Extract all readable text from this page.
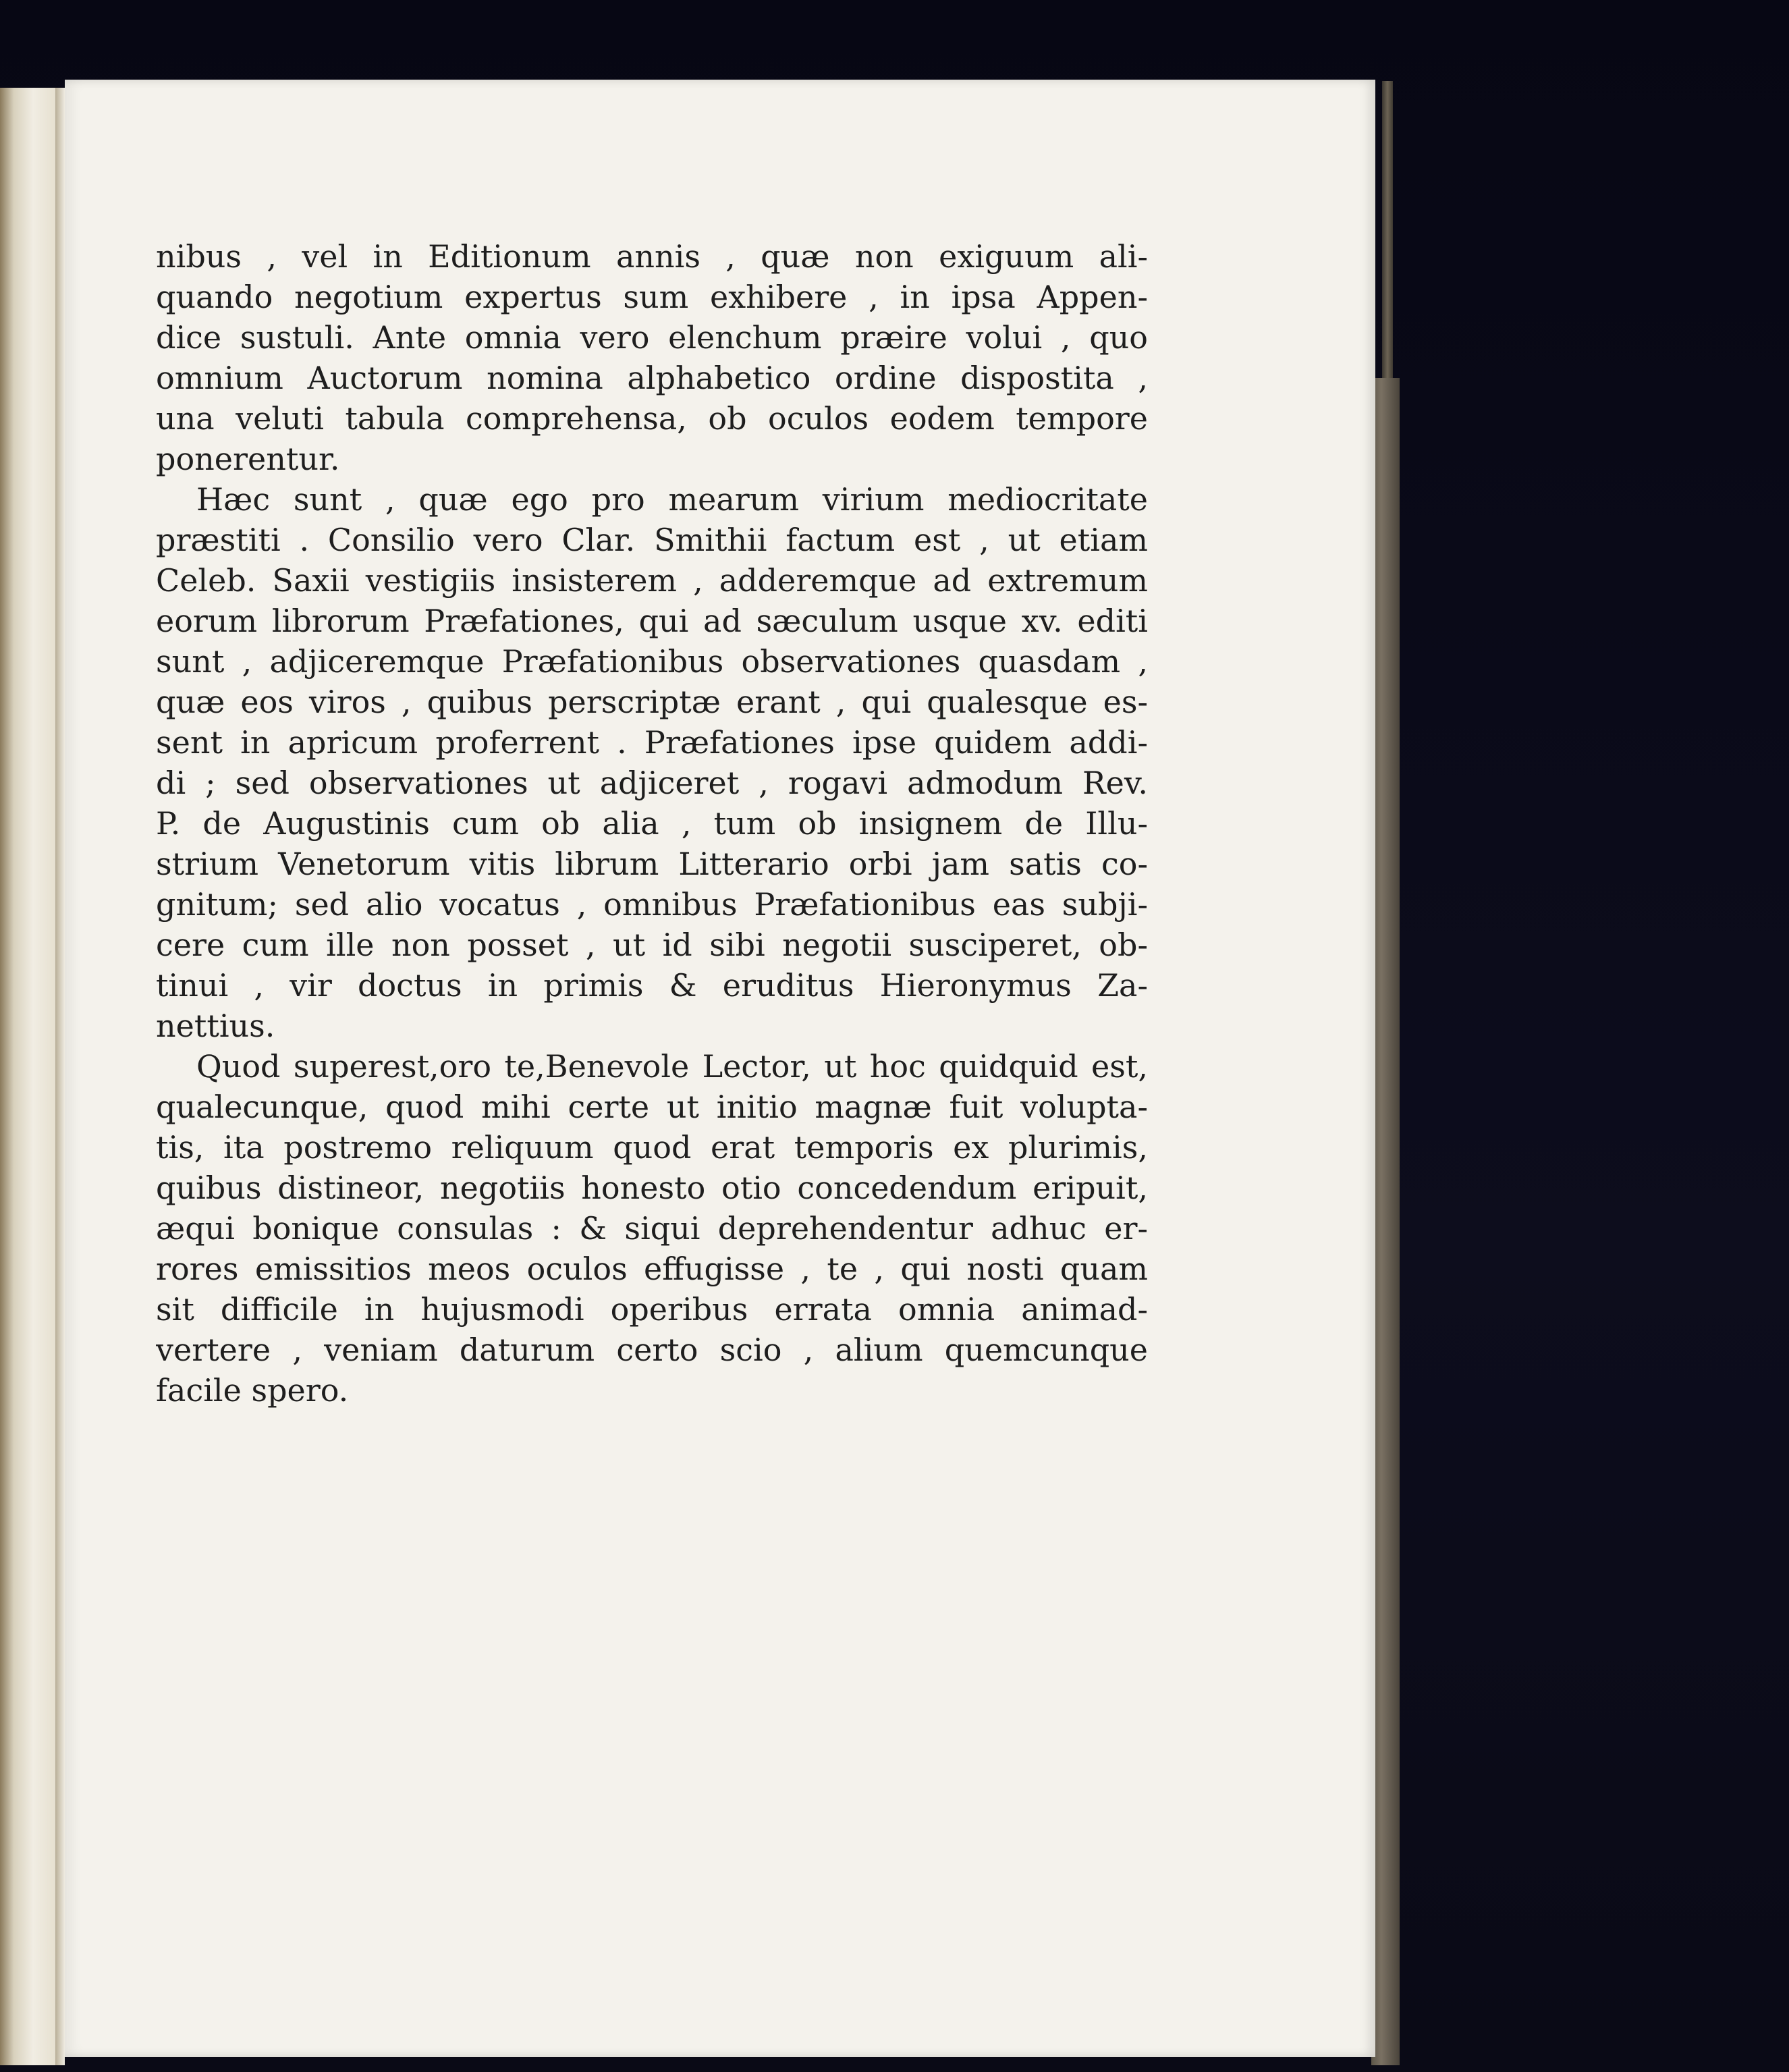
nibus , vel in Editionum annis , quæ non exiguum ali-
quando negotium expertus sum exhibere , in ipsa Appen-
dice sustuli. Ante omnia vero elenchum præire volui , quo
omnium Auctorum nomina alphabetico ordine dispostita ,
una veluti tabula comprehensa, ob oculos eodem tempore
ponerentur.
Hæc sunt , quæ ego pro mearum virium mediocritate
præstiti . Consilio vero Clar. Smithii factum est , ut etiam
Celeb. Saxii vestigiis insisterem , adderemque ad extremum
eorum librorum Præfationes, qui ad sæculum usque xv. editi
sunt , adjiceremque Præfationibus observationes quasdam ,
quæ eos viros , quibus perscriptæ erant , qui qualesque es-
sent in apricum proferrent . Præfationes ipse quidem addi-
di ; sed observationes ut adjiceret , rogavi admodum Rev.
P. de Augustinis cum ob alia , tum ob insignem de Illu-
strium Venetorum vitis librum Litterario orbi jam satis co-
gnitum; sed alio vocatus , omnibus Præfationibus eas subji-
cere cum ille non posset , ut id sibi negotii susciperet, ob-
tinui , vir doctus in primis & eruditus Hieronymus Za-
nettius.
Quod superest,oro te,Benevole Lector, ut hoc quidquid est,
qualecunque, quod mihi certe ut initio magnæ fuit volupta-
tis, ita postremo reliquum quod erat temporis ex plurimis,
quibus distineor, negotiis honesto otio concedendum eripuit,
æqui bonique consulas : & siqui deprehendentur adhuc er-
rores emissitios meos oculos effugisse , te , qui nosti quam
sit difficile in hujusmodi operibus errata omnia animad-
vertere , veniam daturum certo scio , alium quemcunque
facile spero.
